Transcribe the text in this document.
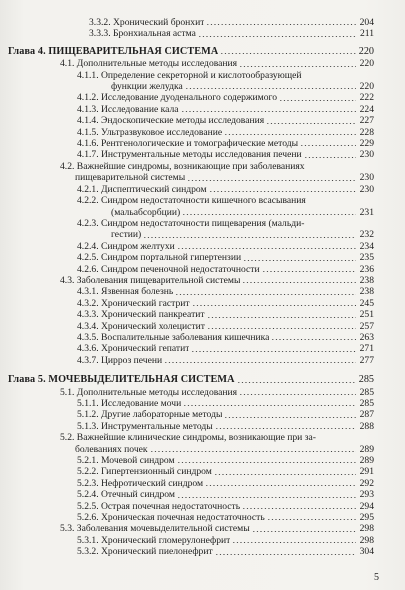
3.3.2. Хронический бронхит	204
3.3.3. Бронхиальная астма	211
Глава 4. ПИЩЕВАРИТЕЛЬНАЯ СИСТЕМА	220
4.1. Дополнительные методы исследования	220
4.1.1. Определение секреторной и кислотообразующей
функции желудка	220
4.1.2. Исследование дуоденального содержимого	222
4.1.3. Исследование кала	224
4.1.4. Эндоскопические методы исследования	227
4.1.5. Ультразвуковое исследование	228
4.1.6. Рентгенологические и томографические методы	229
4.1.7. Инструментальные методы исследования печени	230
4.2. Важнейшие синдромы, возникающие при заболеваниях
пищеварительной системы	230
4.2.1. Диспептический синдром	230
4.2.2. Синдром недостаточности кишечного всасывания
(мальабсорбции)	231
4.2.3. Синдром недостаточности пищеварения (мальди-
гестии)	232
4.2.4. Синдром желтухи	234
4.2.5. Синдром портальной гипертензии	235
4.2.6. Синдром печеночной недостаточности	236
4.3. Заболевания пищеварительной системы	238
4.3.1. Язвенная болезнь	238
4.3.2. Хронический гастрит	245
4.3.3. Хронический панкреатит	251
4.3.4. Хронический холецистит	257
4.3.5. Воспалительные заболевания кишечника	263
4.3.6. Хронический гепатит	271
4.3.7. Цирроз печени	277
Глава 5. МОЧЕВЫДЕЛИТЕЛЬНАЯ СИСТЕМА	285
5.1. Дополнительные методы исследования	285
5.1.1. Исследование мочи	285
5.1.2. Другие лабораторные методы	287
5.1.3. Инструментальные методы	288
5.2. Важнейшие клинические синдромы, возникающие при за-
болеваниях почек	289
5.2.1. Мочевой синдром	289
5.2.2. Гипертензионный синдром	291
5.2.3. Нефротический синдром	292
5.2.4. Отечный синдром	293
5.2.5. Острая почечная недостаточность	294
5.2.6. Хроническая почечная недостаточность	295
5.3. Заболевания мочевыделительной системы	298
5.3.1. Хронический гломерулонефрит	298
5.3.2. Хронический пиелонефрит	304
5
